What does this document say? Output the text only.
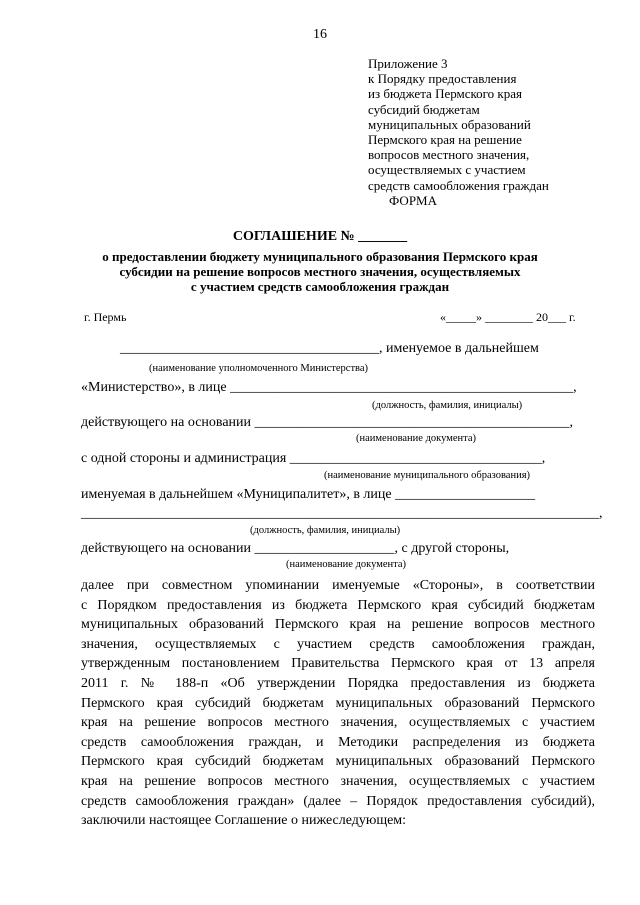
16
Приложение 3
к Порядку предоставления
из бюджета Пермского края
субсидий бюджетам
муниципальных образований
Пермского края на решение
вопросов местного значения,
осуществляемых с участием
средств самообложения граждан
ФОРМА
СОГЛАШЕНИЕ № _______
о предоставлении бюджету муниципального образования Пермского края
субсидии на решение вопросов местного значения, осуществляемых
с участием средств самообложения граждан
г. Пермь	«_____» ________ 20___ г.
_____________________________________, именуемое в дальнейшем
(наименование уполномоченного Министерства)
«Министерство», в лице _________________________________________________,
(должность, фамилия, инициалы)
действующего на основании _____________________________________________,
(наименование документа)
с одной стороны и администрация ____________________________________,
(наименование муниципального образования)
именуемая в дальнейшем «Муниципалитет», в лице ____________________
__________________________________________________________________________,
(должность, фамилия, инициалы)
действующего на основании ____________________, с другой стороны,
(наименование документа)
далее при совместном упоминании именуемые «Стороны», в соответствии
с Порядком предоставления из бюджета Пермского края субсидий бюджетам
муниципальных образований Пермского края на решение вопросов местного
значения, осуществляемых с участием средств самообложения граждан,
утвержденным постановлением Правительства Пермского края от 13 апреля
2011 г. № 188-п «Об утверждении Порядка предоставления из бюджета
Пермского края субсидий бюджетам муниципальных образований Пермского
края на решение вопросов местного значения, осуществляемых с участием
средств самообложения граждан, и Методики распределения из бюджета
Пермского края субсидий бюджетам муниципальных образований Пермского
края на решение вопросов местного значения, осуществляемых с участием
средств самообложения граждан» (далее – Порядок предоставления субсидий),
заключили настоящее Соглашение о нижеследующем:
